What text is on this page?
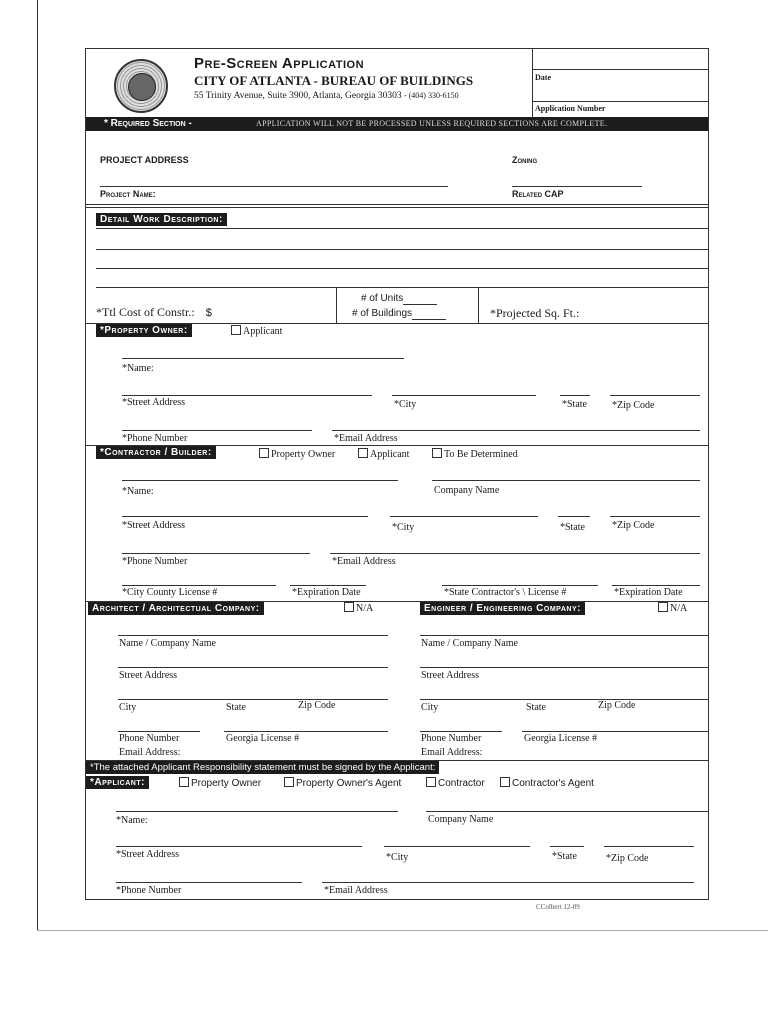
Pre-Screen Application
CITY OF ATLANTA - BUREAU OF BUILDINGS
55 Trinity Avenue, Suite 3900, Atlanta, Georgia 30303 - (404) 330-6150
Date
Application Number
* Required Section -	APPLICATION WILL NOT BE PROCESSED UNLESS REQUIRED SECTIONS ARE COMPLETE.
PROJECT ADDRESS	Zoning
Project Name:	Related CAP
Detail Work Description:
*Ttl Cost of Constr.: $
# of Units
# of Buildings	*Projected Sq. Ft.:
*Property Owner:	Applicant
*Name:
*Street Address	*City	*State	*Zip Code
*Phone Number	*Email Address
*Contractor / Builder:	Property Owner	Applicant	To Be Determined
*Name:	Company Name
*Street Address	*City	*State	*Zip Code
*Phone Number	*Email Address
*City County License #	*Expiration Date	*State Contractor's \ License #	*Expiration Date
Architect / Architectual Company:	N/A	Engineer / Engineering Company:	N/A
Name / Company Name
Street Address
City	State	Zip Code
Phone Number	Georgia License #
Email Address:
Name / Company Name
Street Address
City	State	Zip Code
Phone Number	Georgia License #
Email Address:
*The attached Applicant Responsibility statement must be signed by the Applicant:
*Applicant:	Property Owner	Property Owner's Agent	Contractor	Contractor's Agent
*Name:	Company Name
*Street Address	*City	*State	*Zip Code
*Phone Number	*Email Address
CColbert 12-09
